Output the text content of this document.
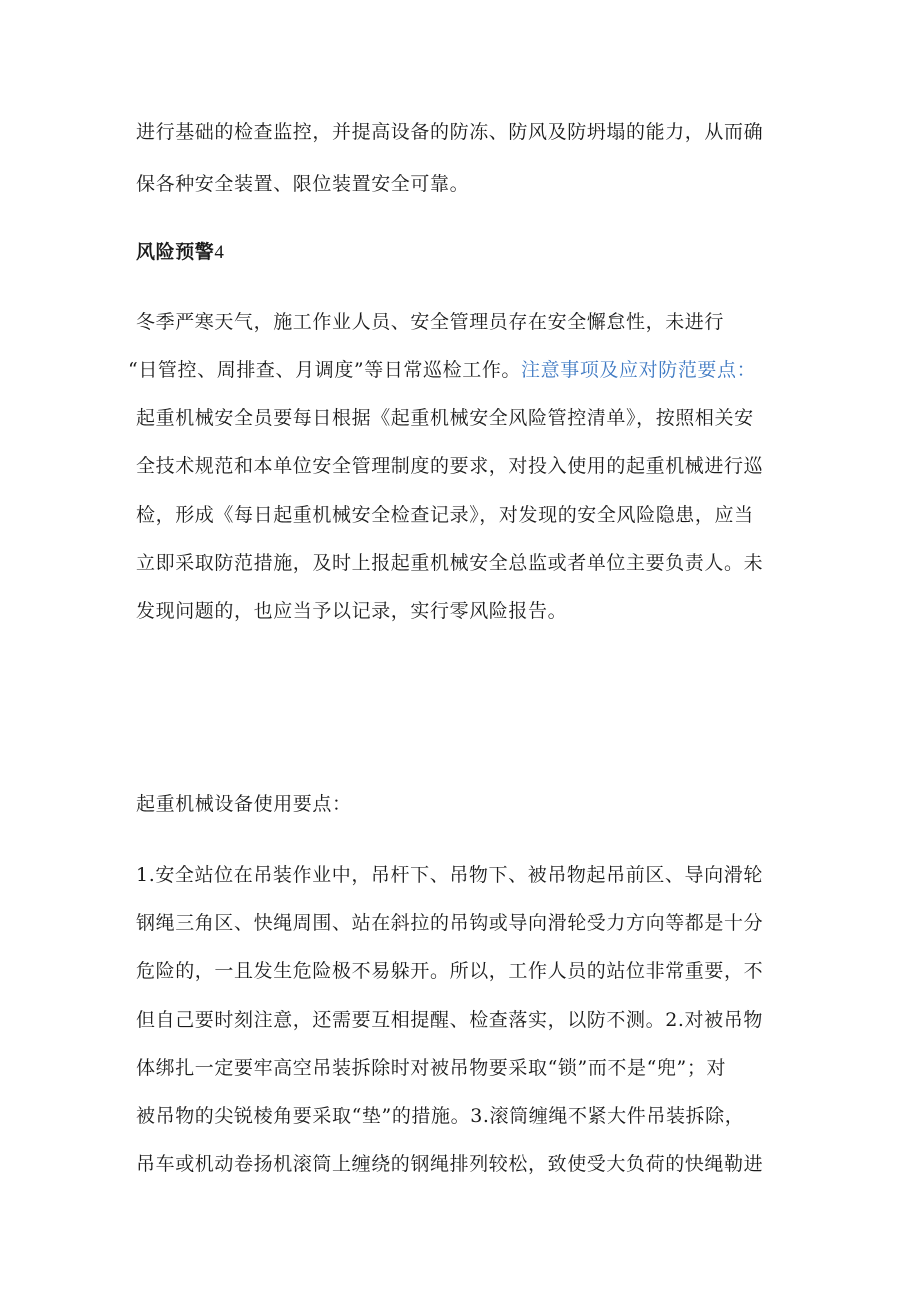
进行基础的检查监控，并提高设备的防冻、防风及防坍塌的能力，从而确
保各种安全装置、限位装置安全可靠。
风险预警4
冬季严寒天气，施工作业人员、安全管理员存在安全懈怠性，未进行
“日管控、周排查、月调度”等日常巡检工作。注意事项及应对防范要点：
起重机械安全员要每日根据《起重机械安全风险管控清单》，按照相关安
全技术规范和本单位安全管理制度的要求，对投入使用的起重机械进行巡
检，形成《每日起重机械安全检查记录》，对发现的安全风险隐患，应当
立即采取防范措施，及时上报起重机械安全总监或者单位主要负责人。未
发现问题的，也应当予以记录，实行零风险报告。
起重机械设备使用要点：
1.安全站位在吊装作业中，吊杆下、吊物下、被吊物起吊前区、导向滑轮
钢绳三角区、快绳周围、站在斜拉的吊钩或导向滑轮受力方向等都是十分
危险的，一且发生危险极不易躲开。所以，工作人员的站位非常重要，不
但自己要时刻注意，还需要互相提醒、检查落实，以防不测。2.对被吊物
体绑扎一定要牢高空吊装拆除时对被吊物要采取“锁”而不是“兜”；对
被吊物的尖锐棱角要采取“垫”的措施。3.滚筒缠绳不紧大件吊装拆除，
吊车或机动卷扬机滚筒上缠绕的钢绳排列较松，致使受大负荷的快绳勒进
